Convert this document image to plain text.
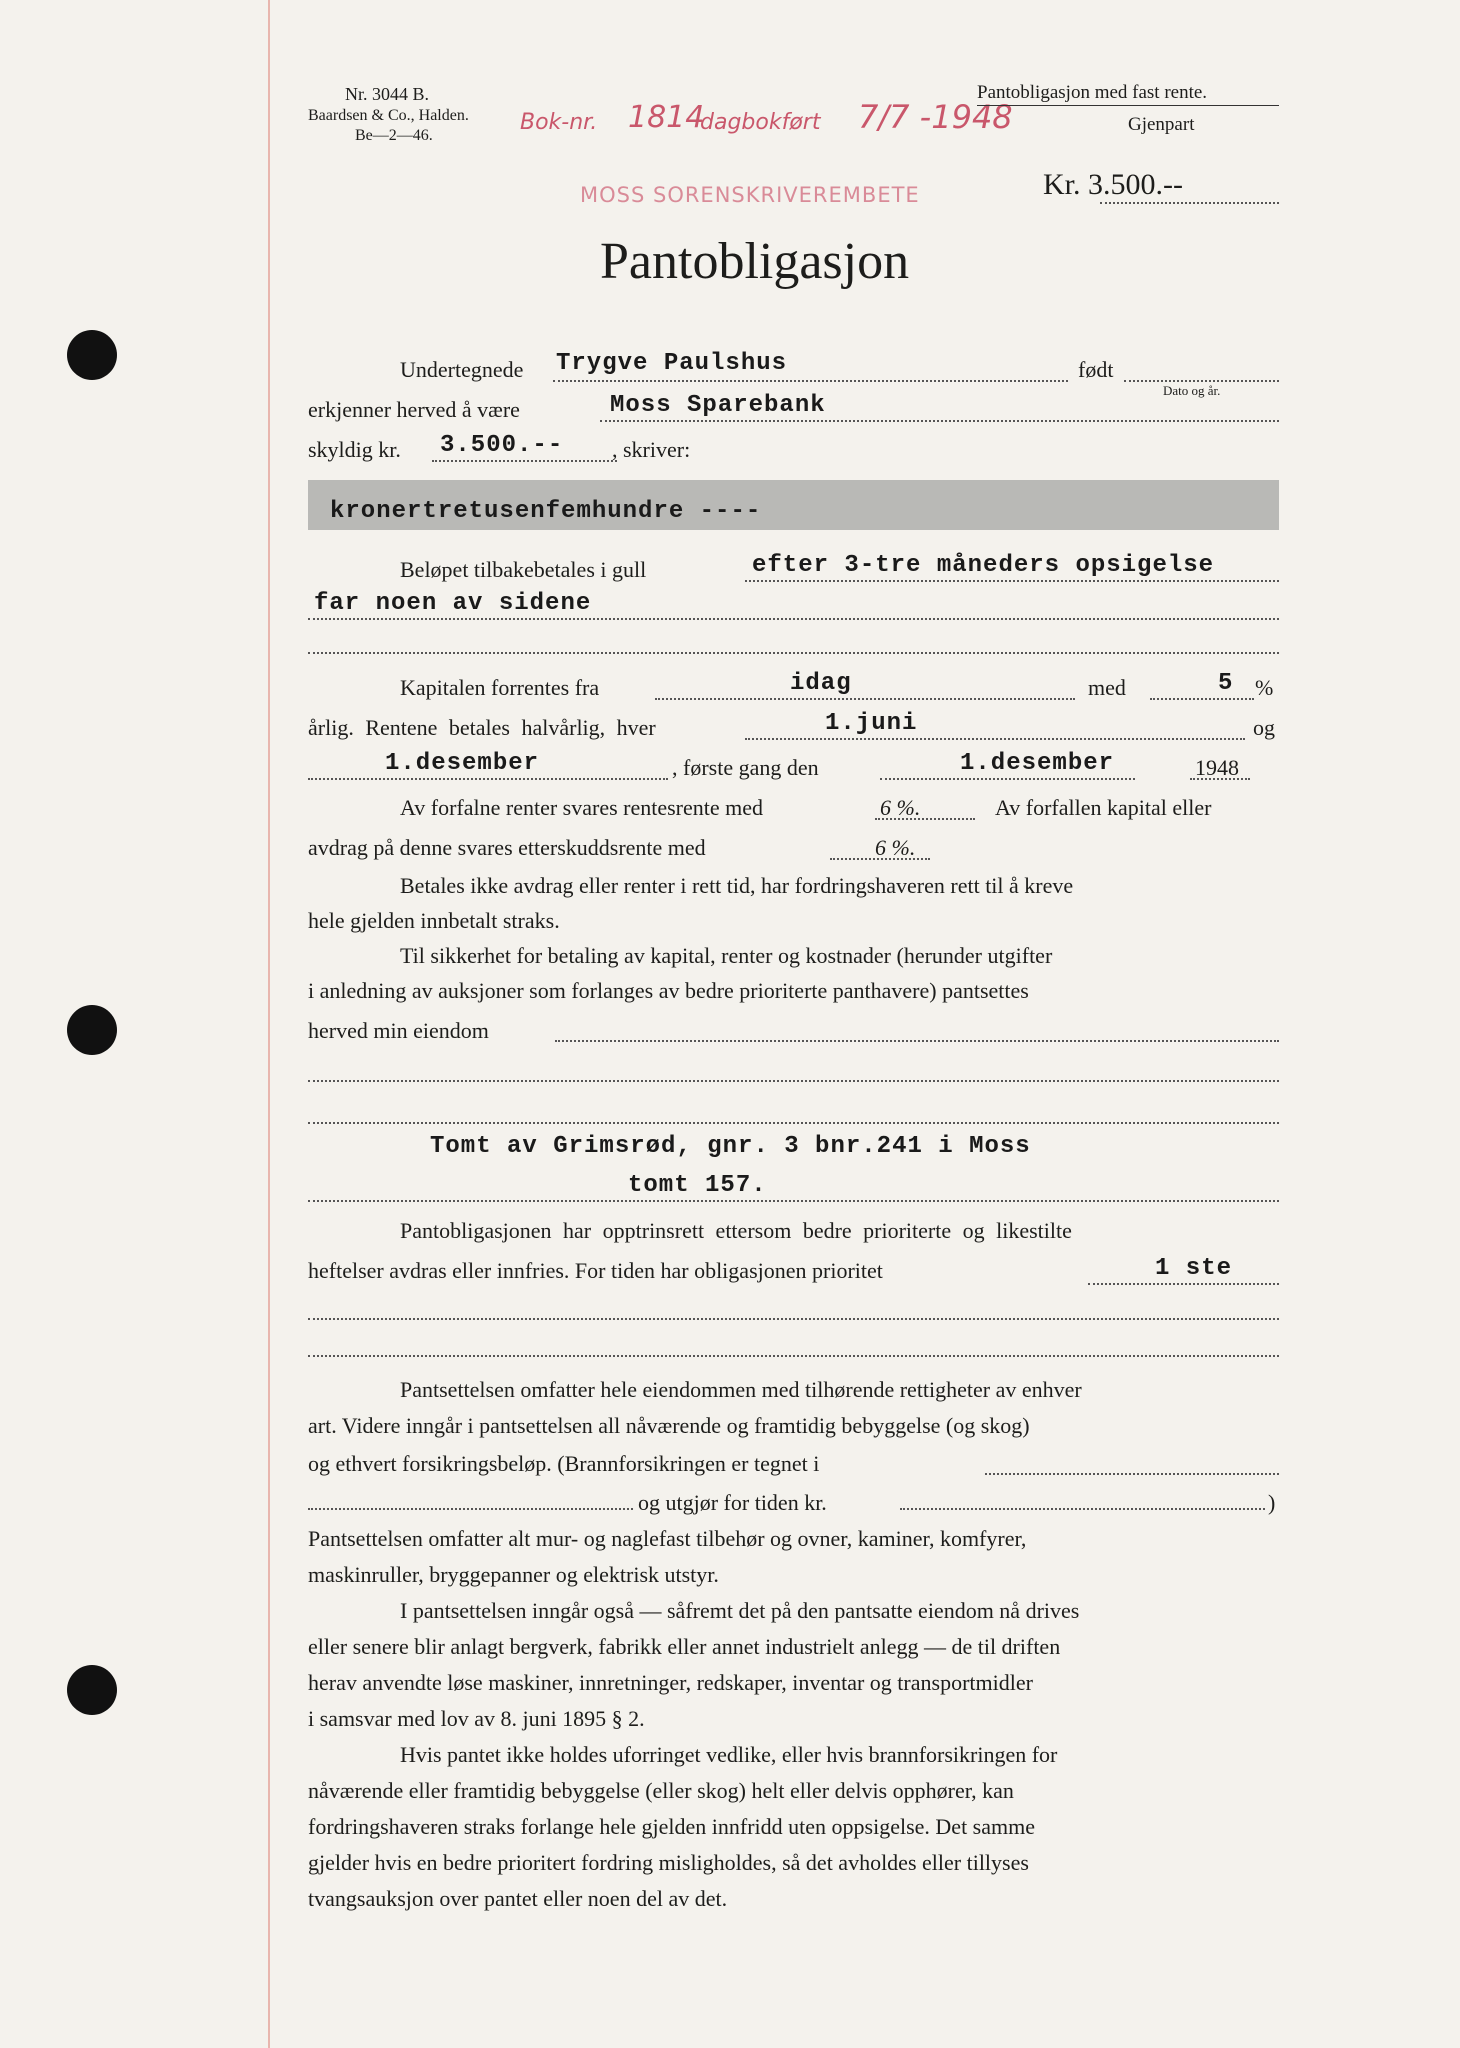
Nr. 3044 B.
Baardsen & Co., Halden.
Be—2—46.
Bok-nr. 1814
dagbokført 7/7 -1948
MOSS SORENSKRIVEREMBETE
Pantobligasjon med fast rente.
Gjenpart
Kr. 3.500.--
Pantobligasjon
Undertegnede Trygve Paulshus	født
Dato og år.
erkjenner herved å være	Moss Sparebank
skyldig kr. 3.500.-- , skriver:
kronertretusenfemhundre ----
Beløpet tilbakebetales i gull	efter 3-tre måneders opsigelse
far noen av sidene
Kapitalen forrentes fra	idag	med	5 %
årlig. Rentene betales halvårlig, hver	1.juni	og
1.desember	, første gang den	1.desember	1948
Av forfalne renter svares rentesrente med	6 %.	Av forfallen kapital eller
avdrag på denne svares etterskuddsrente med	6 %.
Betales ikke avdrag eller renter i rett tid, har fordringshaveren rett til å kreve
hele gjelden innbetalt straks.
Til sikkerhet for betaling av kapital, renter og kostnader (herunder utgifter
i anledning av auksjoner som forlanges av bedre prioriterte panthavere) pantsettes
herved min eiendom
Tomt av Grimsrød, gnr. 3 bnr.241 i Moss
tomt 157.
Pantobligasjonen har opptrinsrett ettersom bedre prioriterte og likestilte
heftelser avdras eller innfries. For tiden har obligasjonen prioritet	1 ste
Pantsettelsen omfatter hele eiendommen med tilhørende rettigheter av enhver
art. Videre inngår i pantsettelsen all nåværende og framtidig bebyggelse (og skog)
og ethvert forsikringsbeløp. (Brannforsikringen er tegnet i
og utgjør for tiden kr.	)
Pantsettelsen omfatter alt mur- og naglefast tilbehør og ovner, kaminer, komfyrer,
maskinruller, bryggepanner og elektrisk utstyr.
I pantsettelsen inngår også — såfremt det på den pantsatte eiendom nå drives
eller senere blir anlagt bergverk, fabrikk eller annet industrielt anlegg — de til driften
herav anvendte løse maskiner, innretninger, redskaper, inventar og transportmidler
i samsvar med lov av 8. juni 1895 § 2.
Hvis pantet ikke holdes uforringet vedlike, eller hvis brannforsikringen for
nåværende eller framtidig bebyggelse (eller skog) helt eller delvis opphører, kan
fordringshaveren straks forlange hele gjelden innfridd uten oppsigelse. Det samme
gjelder hvis en bedre prioritert fordring misligholdes, så det avholdes eller tillyses
tvangsauksjon over pantet eller noen del av det.
